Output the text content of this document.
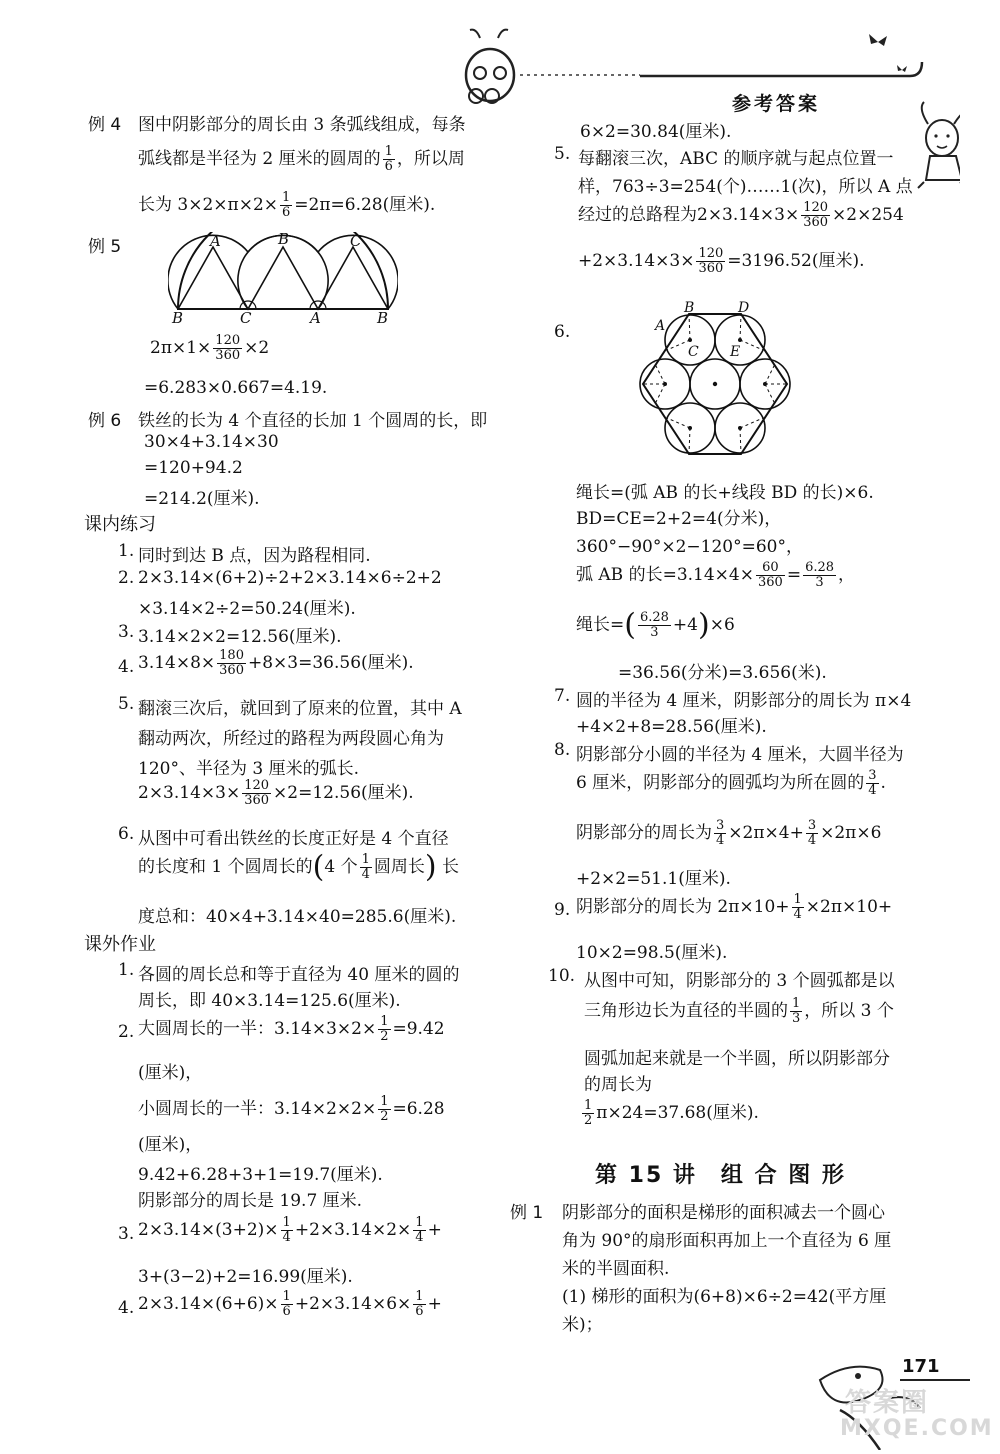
参考答案
例 4 图中阴影部分的周长由 3 条弧线组成，每条
弧线都是半径为 2 厘米的圆周的 $\frac{1}{6}$ ，所以周
长为 $3\times 2\times\pi\times 2\times \frac{1}{6} =2\pi=6.28$(厘米).
例 5	A	B	C
B	C	A	B
$2\pi\times 1\times \frac{120}{360} \times 2$
=6.283×0.667=4.19.
例 6 铁丝的长为 4 个直径的长加 1 个圆周的长，即
30×4+3.14×30
=120+94.2
=214.2(厘米).
课内练习
1. 同时到达 B 点，因为路程相同.
2. 2×3.14×(6+2)÷2+2×3.14×6÷2+2
×3.14×2÷2=50.24(厘米).
3. 3.14×2×2=12.56(厘米).
4. $3.14\times 8\times \frac{180}{360} +8\times 3=36.56$(厘米).
5. 翻滚三次后，就回到了原来的位置，其中 A
翻动两次，所经过的路程为两段圆心角为
120°、半径为 3 厘米的弧长.
$2\times 3.14\times 3\times \frac{120}{360} \times 2=12.56$(厘米).
6. 从图中可看出铁丝的长度正好是 4 个直径
的长度和 1 个圆周长的(4 个 $\frac{1}{4}$ 圆周长) 长
度总和：40×4+3.14×40=285.6(厘米).
课外作业
1. 各圆的周长总和等于直径为 40 厘米的圆的
周长，即 40×3.14=125.6(厘米).
2. 大圆周长的一半：$3.14\times 3\times 2\times \frac{1}{2} =9.42$
(厘米)，
小圆周长的一半：$3.14\times 2\times 2\times \frac{1}{2} =6.28$
(厘米)，
9.42+6.28+3+1=19.7(厘米).
阴影部分的周长是 19.7 厘米.
3. $2\times 3.14\times(3+2)\times \frac{1}{4} +2\times 3.14\times 2\times \frac{1}{4}$ +
3+(3−2)+2=16.99(厘米).
4. $2\times 3.14\times(6+6)\times \frac{1}{6} +2\times 3.14\times 6\times \frac{1}{6}$ +
6×2=30.84(厘米).
5. 每翻滚三次，ABC 的顺序就与起点位置一
样，763÷3=254(个)……1(次)，所以 A 点
经过的总路程为$2\times 3.14\times 3\times \frac{120}{360} \times 2\times 254$
$+2\times 3.14\times 3\times \frac{120}{360} =3196.52$(厘米).
6.
B	D
A
C E
绳长=(弧 AB 的长+线段 BD 的长)×6.
BD=CE=2+2=4(分米)，
360°−90°×2−120°=60°，
弧 AB 的长$=3.14\times 4\times \frac{60}{360} = \frac{6.28}{3}$ ，
绳长=( $\frac{6.28}{3} +4)\times 6$
=36.56(分米)=3.656(米).
7. 圆的半径为 4 厘米，阴影部分的周长为 π×4
+4×2+8=28.56(厘米).
8. 阴影部分小圆的半径为 4 厘米，大圆半径为
6 厘米，阴影部分的圆弧均为所在圆的 $\frac{3}{4}$ .
阴影部分的周长为 $\frac{3}{4} \times 2\pi\times 4+ \frac{3}{4} \times 2\pi\times 6$
+2×2=51.1(厘米).
9. 阴影部分的周长为 $2\pi\times 10+ \frac{1}{4} \times 2\pi\times 10+$
10×2=98.5(厘米).
10. 从图中可知，阴影部分的 3 个圆弧都是以
三角形边长为直径的半圆的 $\frac{1}{3}$ ，所以 3 个
圆弧加起来就是一个半圆，所以阴影部分
的周长为
$\frac{1}{2} \pi\times 24=37.68$(厘米).
第 15 讲　组 合 图 形
例 1 阴影部分的面积是梯形的面积减去一个圆心
角为 90°的扇形面积再加上一个直径为 6 厘
米的半圆面积.
(1) 梯形的面积为(6+8)×6÷2=42(平方厘
米)；
171
答案圈
MXQE.COM
